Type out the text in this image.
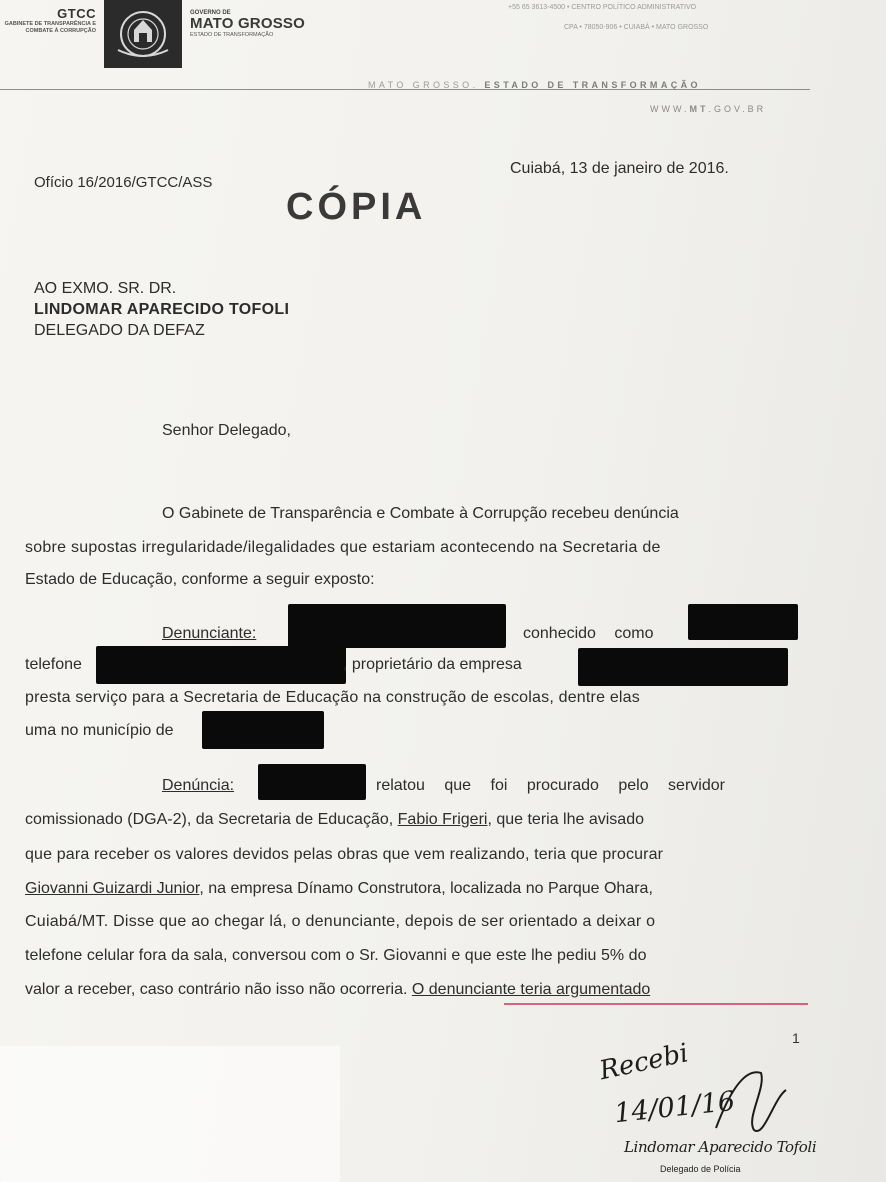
GTCC
GABINETE DE TRANSPARÊNCIA E COMBATE À CORRUPÇÃO
GOVERNO DE
MATO GROSSO
ESTADO DE TRANSFORMAÇÃO
+55 65 3613-4500 • CENTRO POLÍTICO ADMINISTRATIVO
CPA • 78050-906 • CUIABÁ • MATO GROSSO
MATO GROSSO. ESTADO DE TRANSFORMAÇÃO
WWW.MT.GOV.BR
Ofício 16/2016/GTCC/ASS
Cuiabá, 13 de janeiro de 2016.
CÓPIA
AO EXMO. SR. DR.
LINDOMAR APARECIDO TOFOLI
DELEGADO DA DEFAZ
Senhor Delegado,
O Gabinete de Transparência e Combate à Corrupção recebeu denúncia
sobre supostas irregularidade/ilegalidades que estariam acontecendo na Secretaria de
Estado de Educação, conforme a seguir exposto:
Denunciante:	conhecido como
telefone	, proprietário da empresa
presta serviço para a Secretaria de Educação na construção de escolas, dentre elas
uma no município de
Denúncia:	relatou que foi procurado pelo servidor
comissionado (DGA-2), da Secretaria de Educação, Fabio Frigeri, que teria lhe avisado
que para receber os valores devidos pelas obras que vem realizando, teria que procurar
Giovanni Guizardi Junior, na empresa Dínamo Construtora, localizada no Parque Ohara,
Cuiabá/MT. Disse que ao chegar lá, o denunciante, depois de ser orientado a deixar o
telefone celular fora da sala, conversou com o Sr. Giovanni e que este lhe pediu 5% do
valor a receber, caso contrário não isso não ocorreria. O denunciante teria argumentado
1
Recebi
14/01/16
Lindomar Aparecido Tofoli
Delegado de Polícia
